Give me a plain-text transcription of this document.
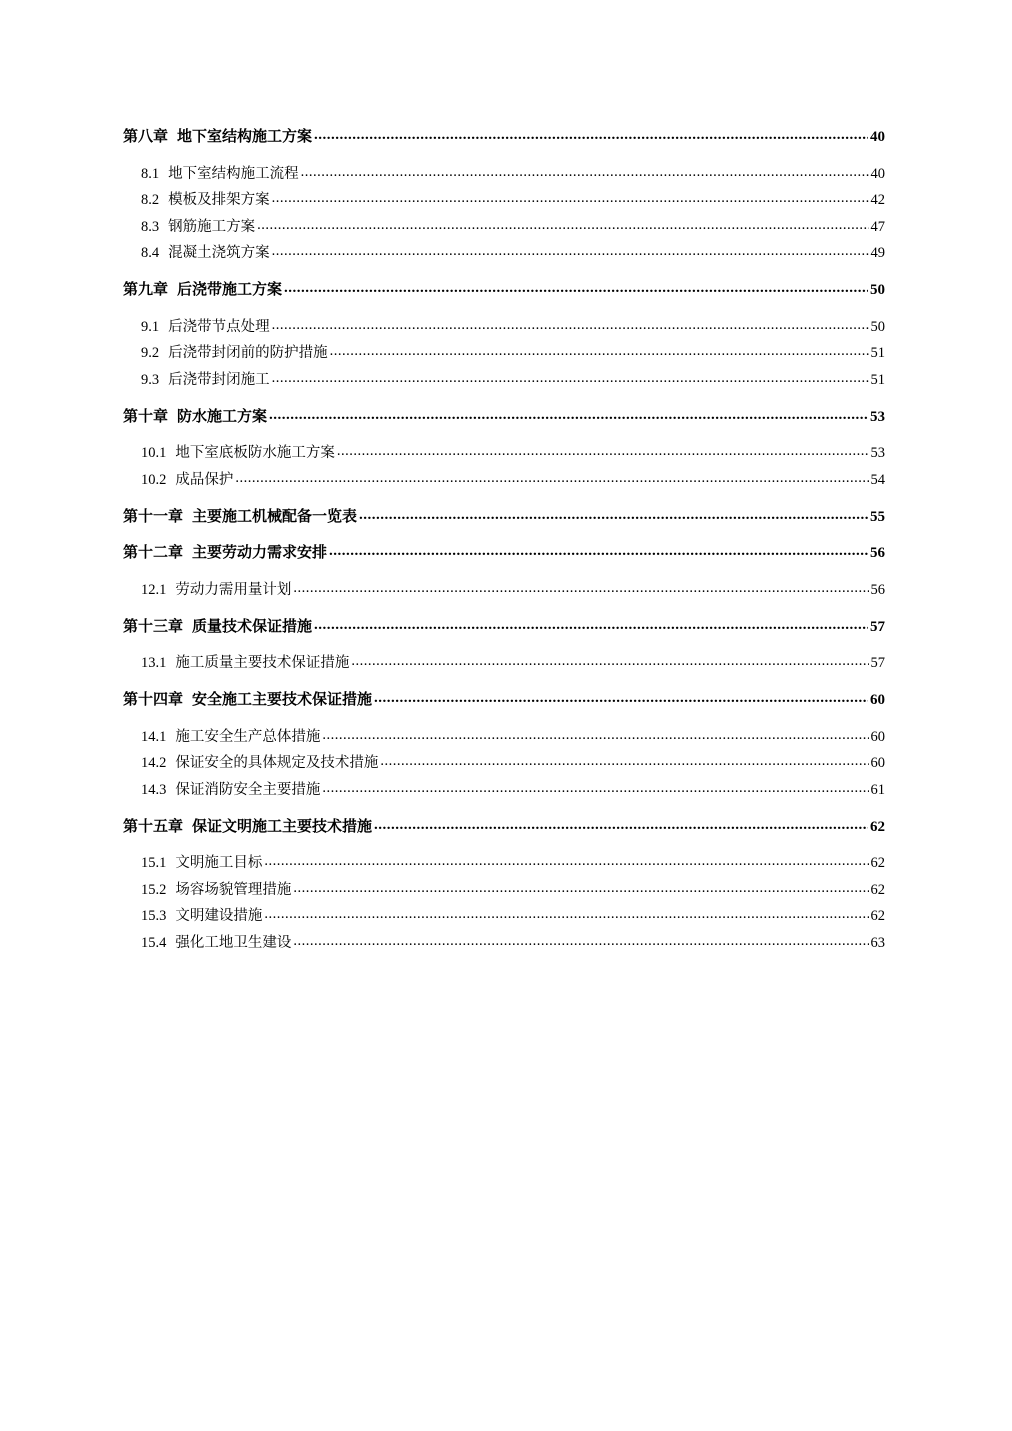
第八章 地下室结构施工方案 .....	40
8.1 地下室结构施工流程 .....	40
8.2 模板及排架方案 .....	42
8.3 钢筋施工方案 .....	47
8.4 混凝土浇筑方案 .....	49
第九章 后浇带施工方案 .....	50
9.1 后浇带节点处理 .....	50
9.2 后浇带封闭前的防护措施 .....	51
9.3 后浇带封闭施工 .....	51
第十章 防水施工方案 .....	53
10.1 地下室底板防水施工方案 .....	53
10.2 成品保护 .....	54
第十一章 主要施工机械配备一览表 .....	55
第十二章 主要劳动力需求安排 .....	56
12.1 劳动力需用量计划 .....	56
第十三章 质量技术保证措施 .....	57
13.1 施工质量主要技术保证措施 .....	57
第十四章 安全施工主要技术保证措施 .....	60
14.1 施工安全生产总体措施 .....	60
14.2 保证安全的具体规定及技术措施 .....	60
14.3 保证消防安全主要措施 .....	61
第十五章 保证文明施工主要技术措施 .....	62
15.1 文明施工目标 .....	62
15.2 场容场貌管理措施 .....	62
15.3 文明建设措施 .....	62
15.4 强化工地卫生建设 .....	63
